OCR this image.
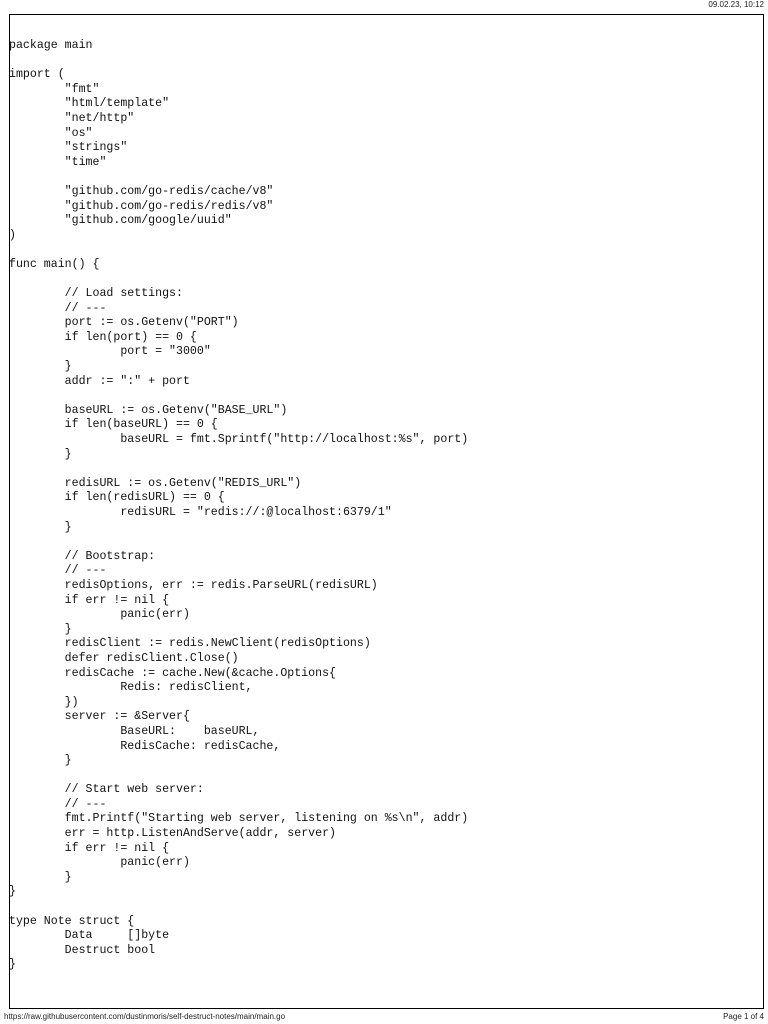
09.02.23, 10:12
package main
import (
	"fmt"
	"html/template"
	"net/http"
	"os"
	"strings"
	"time"
	"github.com/go-redis/cache/v8"
	"github.com/go-redis/redis/v8"
	"github.com/google/uuid"
)
func main() {
	// Load settings:
	// ---
	port := os.Getenv("PORT")
	if len(port) == 0 {
		port = "3000"
	}
	addr := ":" + port
	baseURL := os.Getenv("BASE_URL")
	if len(baseURL) == 0 {
		baseURL = fmt.Sprintf("http://localhost:%s", port)
	}
	redisURL := os.Getenv("REDIS_URL")
	if len(redisURL) == 0 {
		redisURL = "redis://:@localhost:6379/1"
	}
	// Bootstrap:
	// ---
	redisOptions, err := redis.ParseURL(redisURL)
	if err != nil {
		panic(err)
	}
	redisClient := redis.NewClient(redisOptions)
	defer redisClient.Close()
	redisCache := cache.New(&cache.Options{
		Redis: redisClient,
	})
	server := &Server{
		BaseURL:    baseURL,
		RedisCache: redisCache,
	}
	// Start web server:
	// ---
	fmt.Printf("Starting web server, listening on %s\n", addr)
	err = http.ListenAndServe(addr, server)
	if err != nil {
		panic(err)
	}
}
type Note struct {
	Data     []byte
	Destruct bool
}
https://raw.githubusercontent.com/dustinmoris/self-destruct-notes/main/main.go	Page 1 of 4
